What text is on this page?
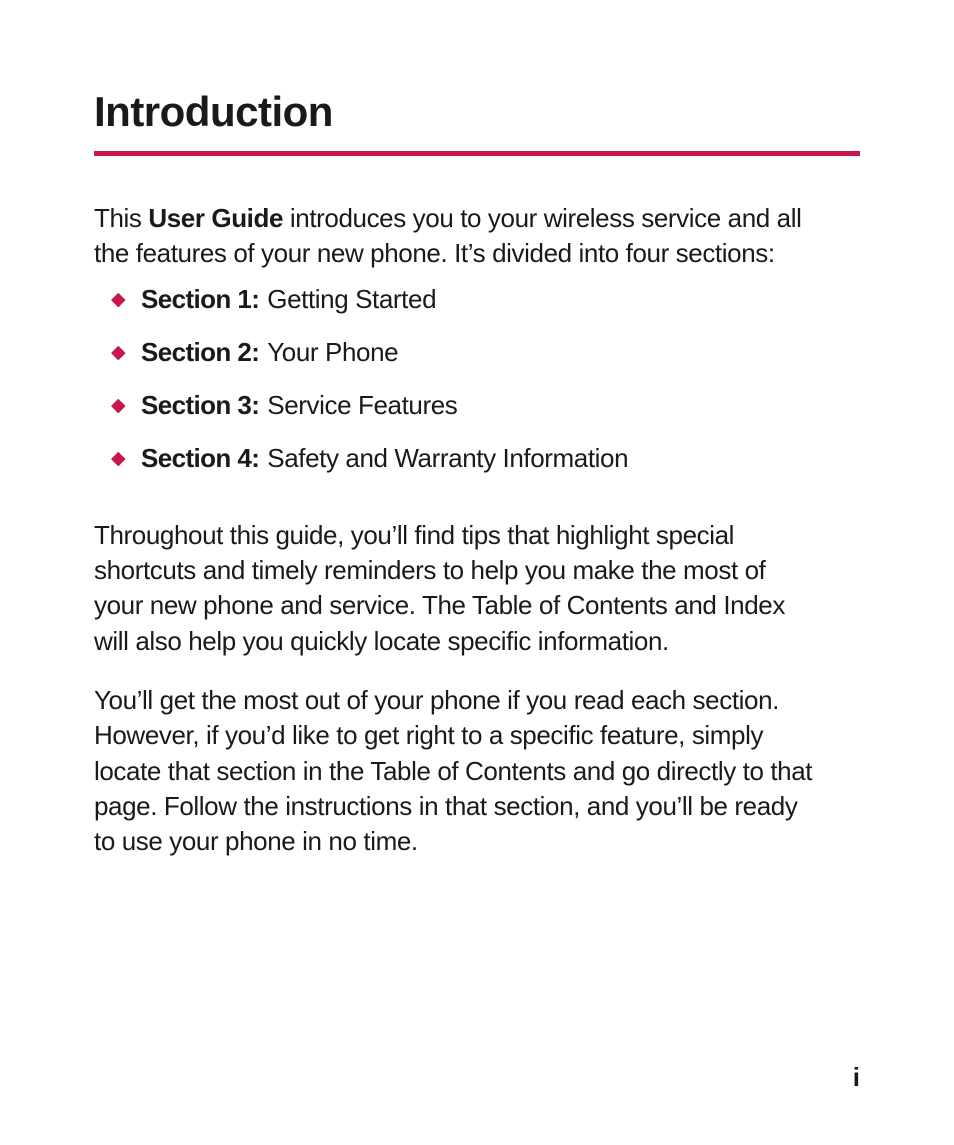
Introduction

This User Guide introduces you to your wireless service and all the features of your new phone. It’s divided into four sections:

◆ Section 1: Getting Started
◆ Section 2: Your Phone
◆ Section 3: Service Features
◆ Section 4: Safety and Warranty Information

Throughout this guide, you’ll find tips that highlight special shortcuts and timely reminders to help you make the most of your new phone and service. The Table of Contents and Index will also help you quickly locate specific information.

You’ll get the most out of your phone if you read each section. However, if you’d like to get right to a specific feature, simply locate that section in the Table of Contents and go directly to that page. Follow the instructions in that section, and you’ll be ready to use your phone in no time.

i
